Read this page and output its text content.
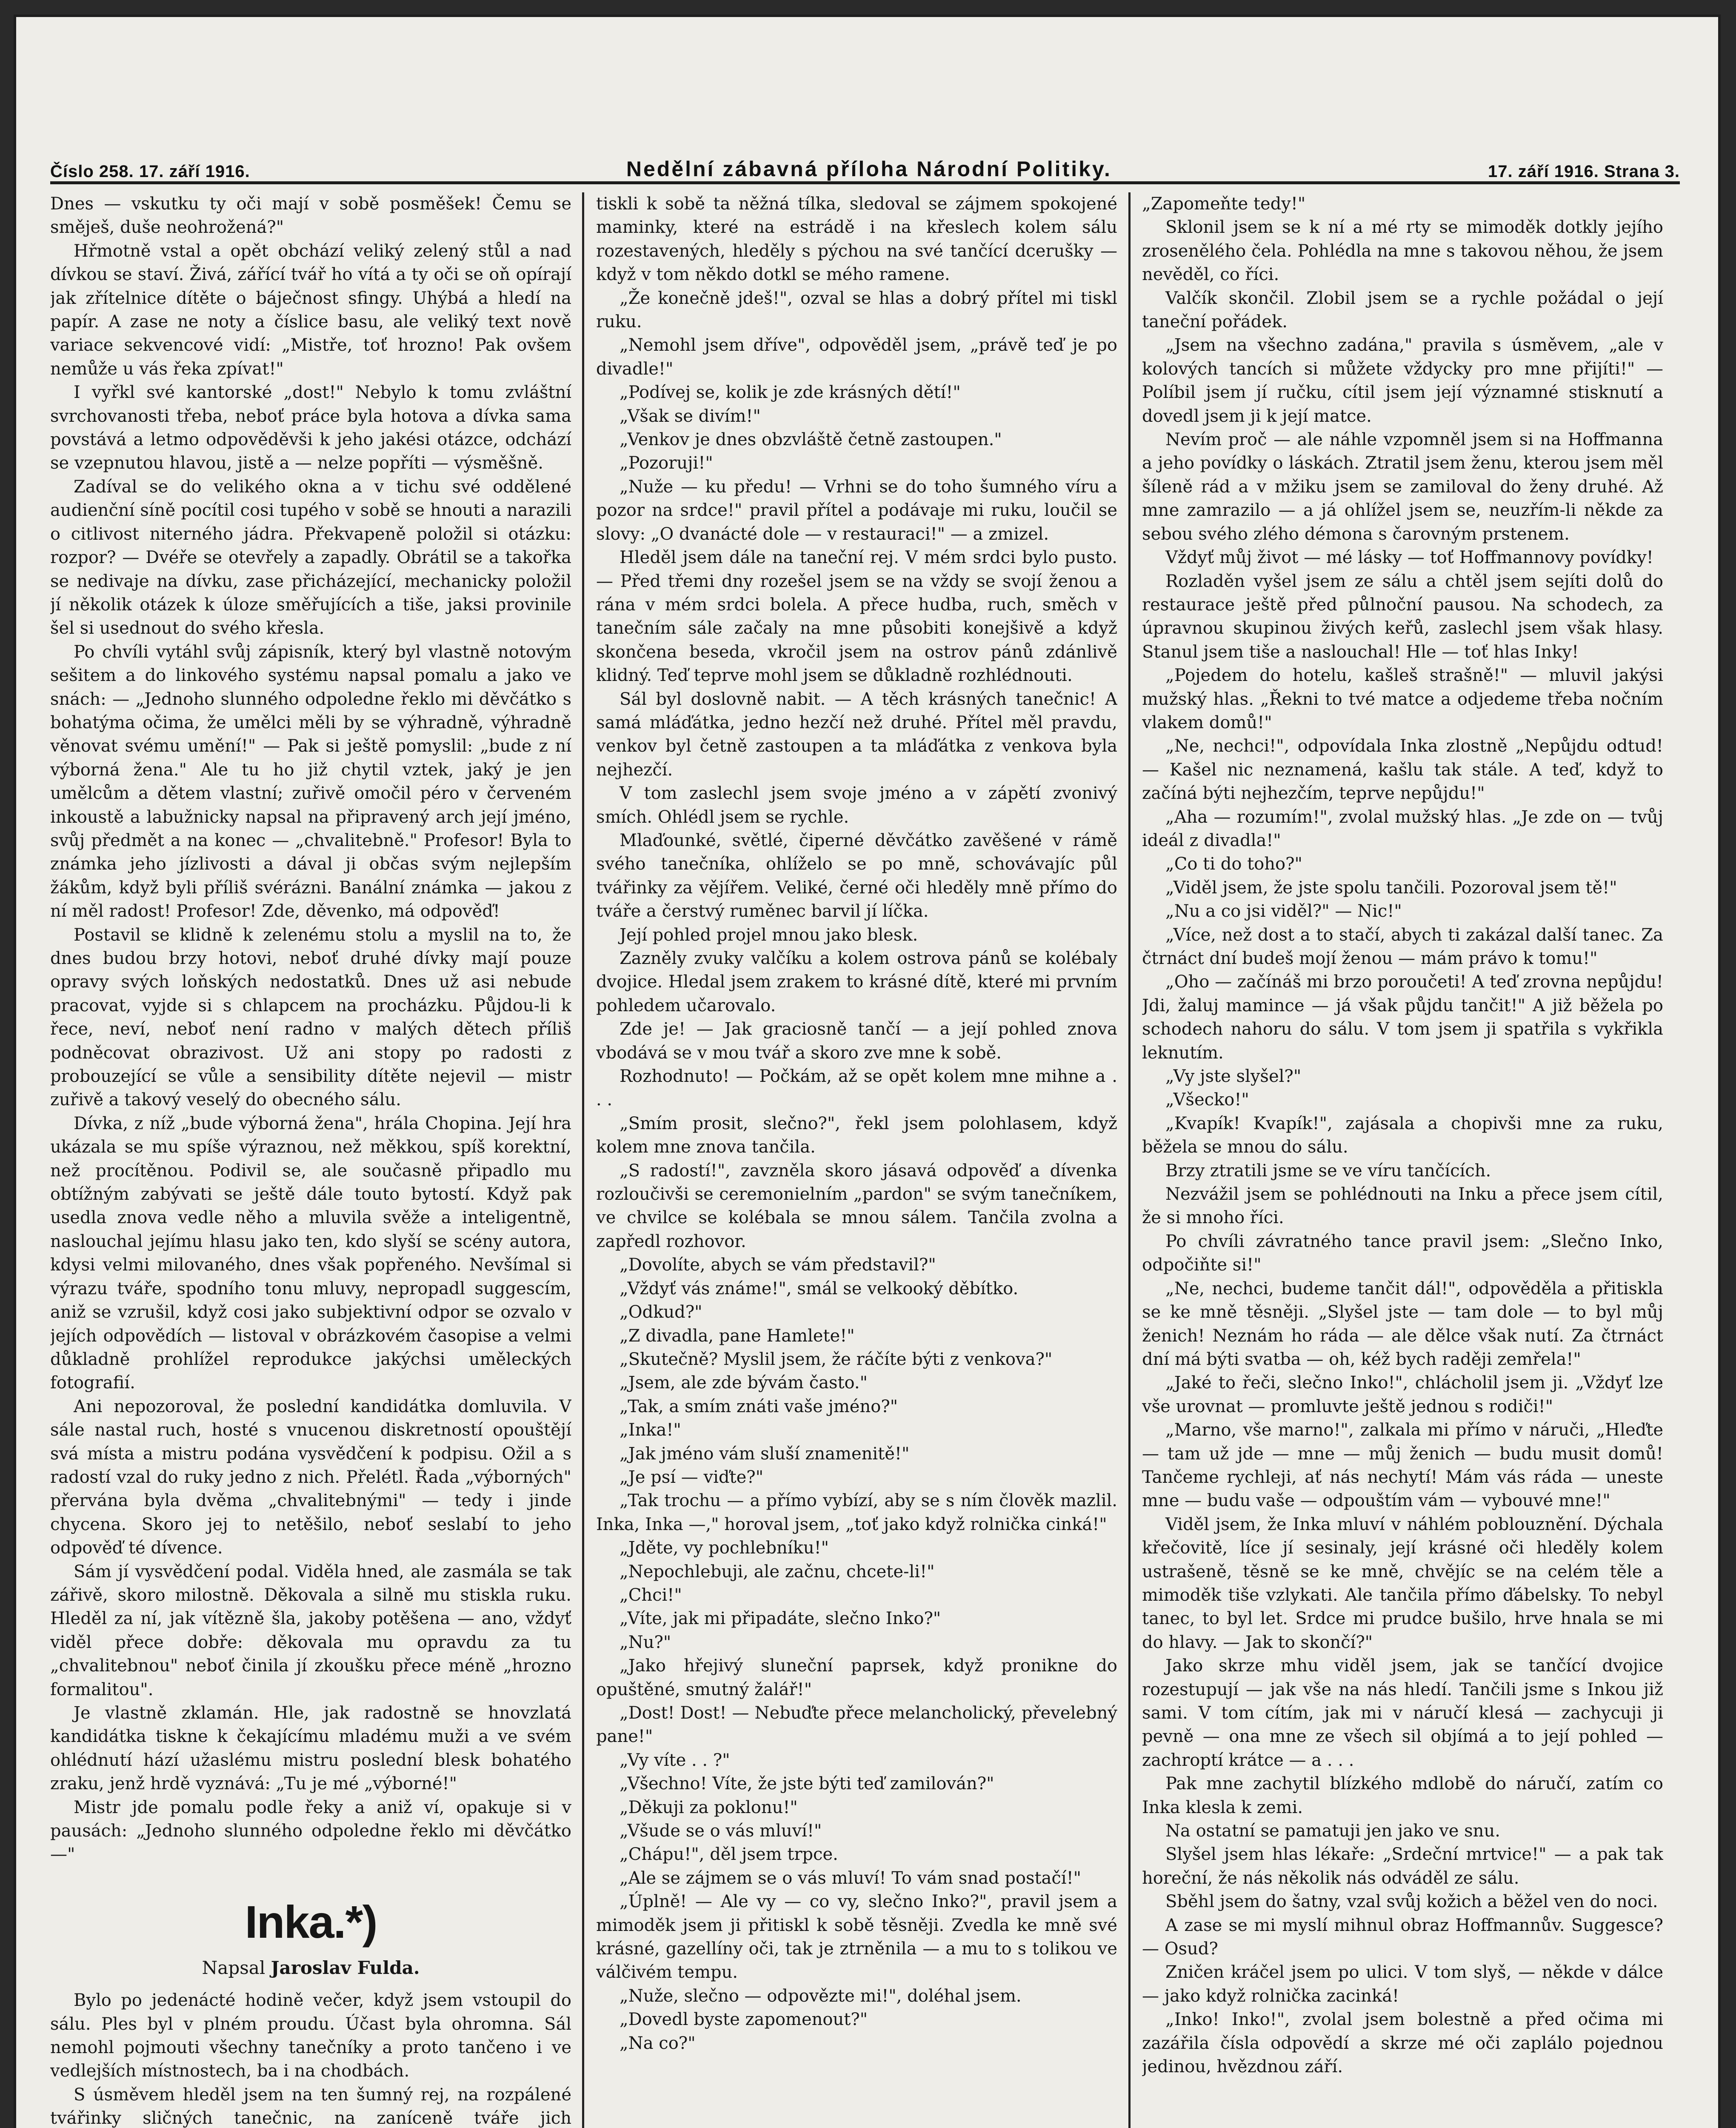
Číslo 258. 17. září 1916.	Nedělní zábavná příloha Národní Politiky.	17. září 1916. Strana 3.

Dnes — vskutku ty oči mají v sobě posměšek! Čemu se směješ, duše neohrožená?"

Hřmotně vstal a opět obchází veliký zelený stůl a nad dívkou se staví. Živá, zářící tvář ho vítá a ty oči se oň opírají jak zřítelnice dítěte o báječnost sfingy. Uhýbá a hledí na papír. A zase ne noty a číslice basu, ale veliký text nově variace sekvencové vidí: „Mistře, toť hrozno! Pak ovšem nemůže u vás řeka zpívat!"

I vyřkl své kantorské „dost!" Nebylo k tomu zvláštní svrchovanosti třeba, neboť práce byla hotova a dívka sama povstává a letmo odpověděvši k jeho jakési otázce, odchází se vzepnutou hlavou, jistě a — nelze popříti — výsměšně.

Zadíval se do velikého okna a v tichu své oddělené audienční síně pocítil cosi tupého v sobě se hnouti a narazili o citlivost niterného jádra. Překvapeně položil si otázku: rozpor? — Dvéře se otevřely a zapadly. Obrátil se a takořka se nedivaje na dívku, zase přicházející, mechanicky položil jí několik otázek k úloze směřujících a tiše, jaksi provinile šel si usednout do svého křesla.

Po chvíli vytáhl svůj zápisník, který byl vlastně notovým sešitem a do linkového systému napsal pomalu a jako ve snách: — „Jednoho slunného odpoledne řeklo mi děvčátko s bohatýma očima, že umělci měli by se výhradně, výhradně věnovat svému umění!" — Pak si ještě pomyslil: „bude z ní výborná žena." Ale tu ho již chytil vztek, jaký je jen umělcům a dětem vlastní; zuřivě omočil péro v červeném inkoustě a labužnicky napsal na připravený arch její jméno, svůj předmět a na konec — „chvalitebně." Profesor! Byla to známka jeho jízlivosti a dával ji občas svým nejlepším žákům, když byli příliš svérázni. Banální známka — jakou z ní měl radost! Profesor! Zde, děvenko, má odpověď!

Postavil se klidně k zelenému stolu a myslil na to, že dnes budou brzy hotovi, neboť druhé dívky mají pouze opravy svých loňských nedostatků. Dnes už asi nebude pracovat, vyjde si s chlapcem na procházku. Půjdou-li k řece, neví, neboť není radno v malých dětech příliš podněcovat obrazivost. Už ani stopy po radosti z probouzející se vůle a sensibility dítěte nejevil — mistr zuřivě a takový veselý do obecného sálu.

Dívka, z níž „bude výborná žena", hrála Chopina. Její hra ukázala se mu spíše výraznou, než měkkou, spíš korektní, než procítěnou. Podivil se, ale současně připadlo mu obtížným zabývati se ještě dále touto bytostí. Když pak usedla znova vedle něho a mluvila svěže a inteligentně, naslouchal jejímu hlasu jako ten, kdo slyší se scény autora, kdysi velmi milovaného, dnes však popřeného. Nevšímal si výrazu tváře, spodního tonu mluvy, nepropadl suggescím, aniž se vzrušil, když cosi jako subjektivní odpor se ozvalo v jejích odpovědích — listoval v obrázkovém časopise a velmi důkladně prohlížel reprodukce jakýchsi uměleckých fotografií.

Ani nepozoroval, že poslední kandidátka domluvila. V sále nastal ruch, hosté s vnucenou diskretností opouštějí svá místa a mistru podána vysvědčení k podpisu. Ožil a s radostí vzal do ruky jedno z nich. Přelétl. Řada „výborných" přervána byla dvěma „chvalitebnými" — tedy i jinde chycena. Skoro jej to netěšilo, neboť seslabí to jeho odpověď té dívence.

Sám jí vysvědčení podal. Viděla hned, ale zasmála se tak zářivě, skoro milostně. Děkovala a silně mu stiskla ruku. Hleděl za ní, jak vítězně šla, jakoby potěšena — ano, vždyť viděl přece dobře: děkovala mu opravdu za tu „chvalitebnou" neboť činila jí zkoušku přece méně „hrozno formalitou".

Je vlastně zklamán. Hle, jak radostně se hnovzlatá kandidátka tiskne k čekajícímu mladému muži a ve svém ohlédnutí hází užaslému mistru poslední blesk bohatého zraku, jenž hrdě vyznává: „Tu je mé „výborné!"

Mistr jde pomalu podle řeky a aniž ví, opakuje si v pausách: „Jednoho slunného odpoledne řeklo mi děvčátko —"

Inka.*)
Napsal Jaroslav Fulda.

Bylo po jedenácté hodině večer, když jsem vstoupil do sálu. Ples byl v plném proudu. Účast byla ohromna. Sál nemohl pojmouti všechny tanečníky a proto tančeno i ve vedlejších místnostech, ba i na chodbách.

S úsměvem hleděl jsem na ten šumný rej, na rozpálené tvářinky sličných tanečnic, na zaníceně tváře jich

tiskli k sobě ta něžná tílka, sledoval se zájmem spokojené maminky, které na estrádě i na křeslech kolem sálu rozestavených, hleděly s pýchou na své tančící dcerušky — když v tom někdo dotkl se mého ramene.

„Že konečně jdeš!", ozval se hlas a dobrý přítel mi tiskl ruku.

„Nemohl jsem dříve", odpověděl jsem, „právě teď je po divadle!"

„Podívej se, kolik je zde krásných dětí!"

„Však se divím!"

„Venkov je dnes obzvláště četně zastoupen."

„Pozoruji!"

„Nuže — ku předu! — Vrhni se do toho šumného víru a pozor na srdce!" pravil přítel a podávaje mi ruku, loučil se slovy: „O dvanácté dole — v restauraci!" — a zmizel.

Hleděl jsem dále na taneční rej. V mém srdci bylo pusto. — Před třemi dny rozešel jsem se na vždy se svojí ženou a rána v mém srdci bolela. A přece hudba, ruch, směch v tanečním sále začaly na mne působiti konejšivě a když skončena beseda, vkročil jsem na ostrov pánů zdánlivě klidný. Teď teprve mohl jsem se důkladně rozhlédnouti.

Sál byl doslovně nabit. — A těch krásných tanečnic! A samá mláďátka, jedno hezčí než druhé. Přítel měl pravdu, venkov byl četně zastoupen a ta mláďátka z venkova byla nejhezčí.

V tom zaslechl jsem svoje jméno a v zápětí zvonivý smích. Ohlédl jsem se rychle.

Mlaďounké, světlé, čiperné děvčátko zavěšené v rámě svého tanečníka, ohlíželo se po mně, schovávajíc půl tvářinky za vějířem. Veliké, černé oči hleděly mně přímo do tváře a čerstvý ruměnec barvil jí líčka.

Její pohled projel mnou jako blesk.

Zazněly zvuky valčíku a kolem ostrova pánů se kolébaly dvojice. Hledal jsem zrakem to krásné dítě, které mi prvním pohledem učarovalo.

Zde je! — Jak graciosně tančí — a její pohled znova vbodává se v mou tvář a skoro zve mne k sobě.

Rozhodnuto! — Počkám, až se opět kolem mne mihne a . . .

„Smím prosit, slečno?", řekl jsem polohlasem, když kolem mne znova tančila.

„S radostí!", zavzněla skoro jásavá odpověď a dívenka rozloučivši se ceremonielním „pardon" se svým tanečníkem, ve chvilce se kolébala se mnou sálem. Tančila zvolna a zapředl rozhovor.

„Dovolíte, abych se vám představil?"

„Vždyť vás známe!", smál se velkooký děbítko.

„Odkud?"

„Z divadla, pane Hamlete!"

„Skutečně? Myslil jsem, že ráčíte býti z venkova?"

„Jsem, ale zde bývám často."

„Tak, a smím znáti vaše jméno?"

„Inka!"

„Jak jméno vám sluší znamenitě!"

„Je psí — viďte?"

„Tak trochu — a přímo vybízí, aby se s ním člověk mazlil. Inka, Inka —," horoval jsem, „toť jako když rolnička cinká!"

„Jděte, vy pochlebníku!"

„Nepochlebuji, ale začnu, chcete-li!"

„Chci!"

„Víte, jak mi připadáte, slečno Inko?"

„Nu?"

„Jako hřejivý sluneční paprsek, když pronikne do opuštěné, smutný žalář!"

„Dost! Dost! — Nebuďte přece melancholický, převelebný pane!"

„Vy víte . . ?"

„Všechno! Víte, že jste býti teď zamilován?"

„Děkuji za poklonu!"

„Všude se o vás mluví!"

„Chápu!", děl jsem trpce.

„Ale se zájmem se o vás mluví! To vám snad postačí!"

„Úplně! — Ale vy — co vy, slečno Inko?", pravil jsem a mimoděk jsem ji přitiskl k sobě těsněji. Zvedla ke mně své krásné, gazellíny oči, tak je ztrněnila — a mu to s tolikou ve válčivém tempu.

„Nuže, slečno — odpovězte mi!", doléhal jsem.

„Dovedl byste zapomenout?"

„Na co?"

„Zapomeňte tedy!"

Sklonil jsem se k ní a mé rty se mimoděk dotkly jejího zrosenělého čela. Pohlédla na mne s takovou něhou, že jsem nevěděl, co říci.

Valčík skončil. Zlobil jsem se a rychle požádal o její taneční pořádek.

„Jsem na všechno zadána," pravila s úsměvem, „ale v kolových tancích si můžete vždycky pro mne přijíti!" — Políbil jsem jí ručku, cítil jsem její významné stisknutí a dovedl jsem ji k její matce.

Nevím proč — ale náhle vzpomněl jsem si na Hoffmanna a jeho povídky o láskách. Ztratil jsem ženu, kterou jsem měl šíleně rád a v mžiku jsem se zamiloval do ženy druhé. Až mne zamrazilo — a já ohlížel jsem se, neuzřím-li někde za sebou svého zlého démona s čarovným prstenem.

Vždyť můj život — mé lásky — toť Hoffmannovy povídky!

Rozladěn vyšel jsem ze sálu a chtěl jsem sejíti dolů do restaurace ještě před půlnoční pausou. Na schodech, za úpravnou skupinou živých keřů, zaslechl jsem však hlasy. Stanul jsem tiše a naslouchal! Hle — toť hlas Inky!

„Pojedem do hotelu, kašleš strašně!" — mluvil jakýsi mužský hlas. „Řekni to tvé matce a odjedeme třeba nočním vlakem domů!"

„Ne, nechci!", odpovídala Inka zlostně „Nepůjdu odtud! — Kašel nic neznamená, kašlu tak stále. A teď, když to začíná býti nejhezčím, teprve nepůjdu!"

„Aha — rozumím!", zvolal mužský hlas. „Je zde on — tvůj ideál z divadla!"

„Co ti do toho?"

„Viděl jsem, že jste spolu tančili. Pozoroval jsem tě!"

„Nu a co jsi viděl?" — Nic!"

„Více, než dost a to stačí, abych ti zakázal další tanec. Za čtrnáct dní budeš mojí ženou — mám právo k tomu!"

„Oho — začínáš mi brzo poroučeti! A teď zrovna nepůjdu! Jdi, žaluj mamince — já však půjdu tančit!" A již běžela po schodech nahoru do sálu. V tom jsem ji spatřila s vykřikla leknutím.

„Vy jste slyšel?"

„Všecko!"

„Kvapík! Kvapík!", zajásala a chopivši mne za ruku, běžela se mnou do sálu.

Brzy ztratili jsme se ve víru tančících.

Nezvážil jsem se pohlédnouti na Inku a přece jsem cítil, že si mnoho říci.

Po chvíli závratného tance pravil jsem: „Slečno Inko, odpočiňte si!"

„Ne, nechci, budeme tančit dál!", odpověděla a přitiskla se ke mně těsněji. „Slyšel jste — tam dole — to byl můj ženich! Neznám ho ráda — ale dělce však nutí. Za čtrnáct dní má býti svatba — oh, kéž bych raději zemřela!"

„Jaké to řeči, slečno Inko!", chlácholil jsem ji. „Vždyť lze vše urovnat — promluvte ještě jednou s rodiči!"

„Marno, vše marno!", zalkala mi přímo v náruči, „Hleďte — tam už jde — mne — můj ženich — budu musit domů! Tančeme rychleji, ať nás nechytí! Mám vás ráda — uneste mne — budu vaše — odpouštím vám — vybouvé mne!"

Viděl jsem, že Inka mluví v náhlém poblouznění. Dýchala křečovitě, líce jí sesinaly, její krásné oči hleděly kolem ustrašeně, těsně se ke mně, chvějíc se na celém těle a mimoděk tiše vzlykati. Ale tančila přímo ďábelsky. To nebyl tanec, to byl let. Srdce mi prudce bušilo, hrve hnala se mi do hlavy. — Jak to skončí?"

Jako skrze mhu viděl jsem, jak se tančící dvojice rozestupují — jak vše na nás hledí. Tančili jsme s Inkou již sami. V tom cítím, jak mi v náručí klesá — zachycuji ji pevně — ona mne ze všech sil objímá a to její pohled — zachroptí krátce — a . . .

Pak mne zachytil blízkého mdlobě do náručí, zatím co Inka klesla k zemi.

Na ostatní se pamatuji jen jako ve snu.

Slyšel jsem hlas lékaře: „Srdeční mrtvice!" — a pak tak horeční, že nás několik nás odváděl ze sálu.

Sběhl jsem do šatny, vzal svůj kožich a běžel ven do noci.

A zase se mi myslí mihnul obraz Hoffmannův. Suggesce? — Osud?

Zničen kráčel jsem po ulici. V tom slyš, — někde v dálce — jako když rolnička zacinká!

„Inko! Inko!", zvolal jsem bolestně a před očima mi zazářila čísla odpovědí a skrze mé oči zaplálo pojednou jedinou, hvězdnou září.
